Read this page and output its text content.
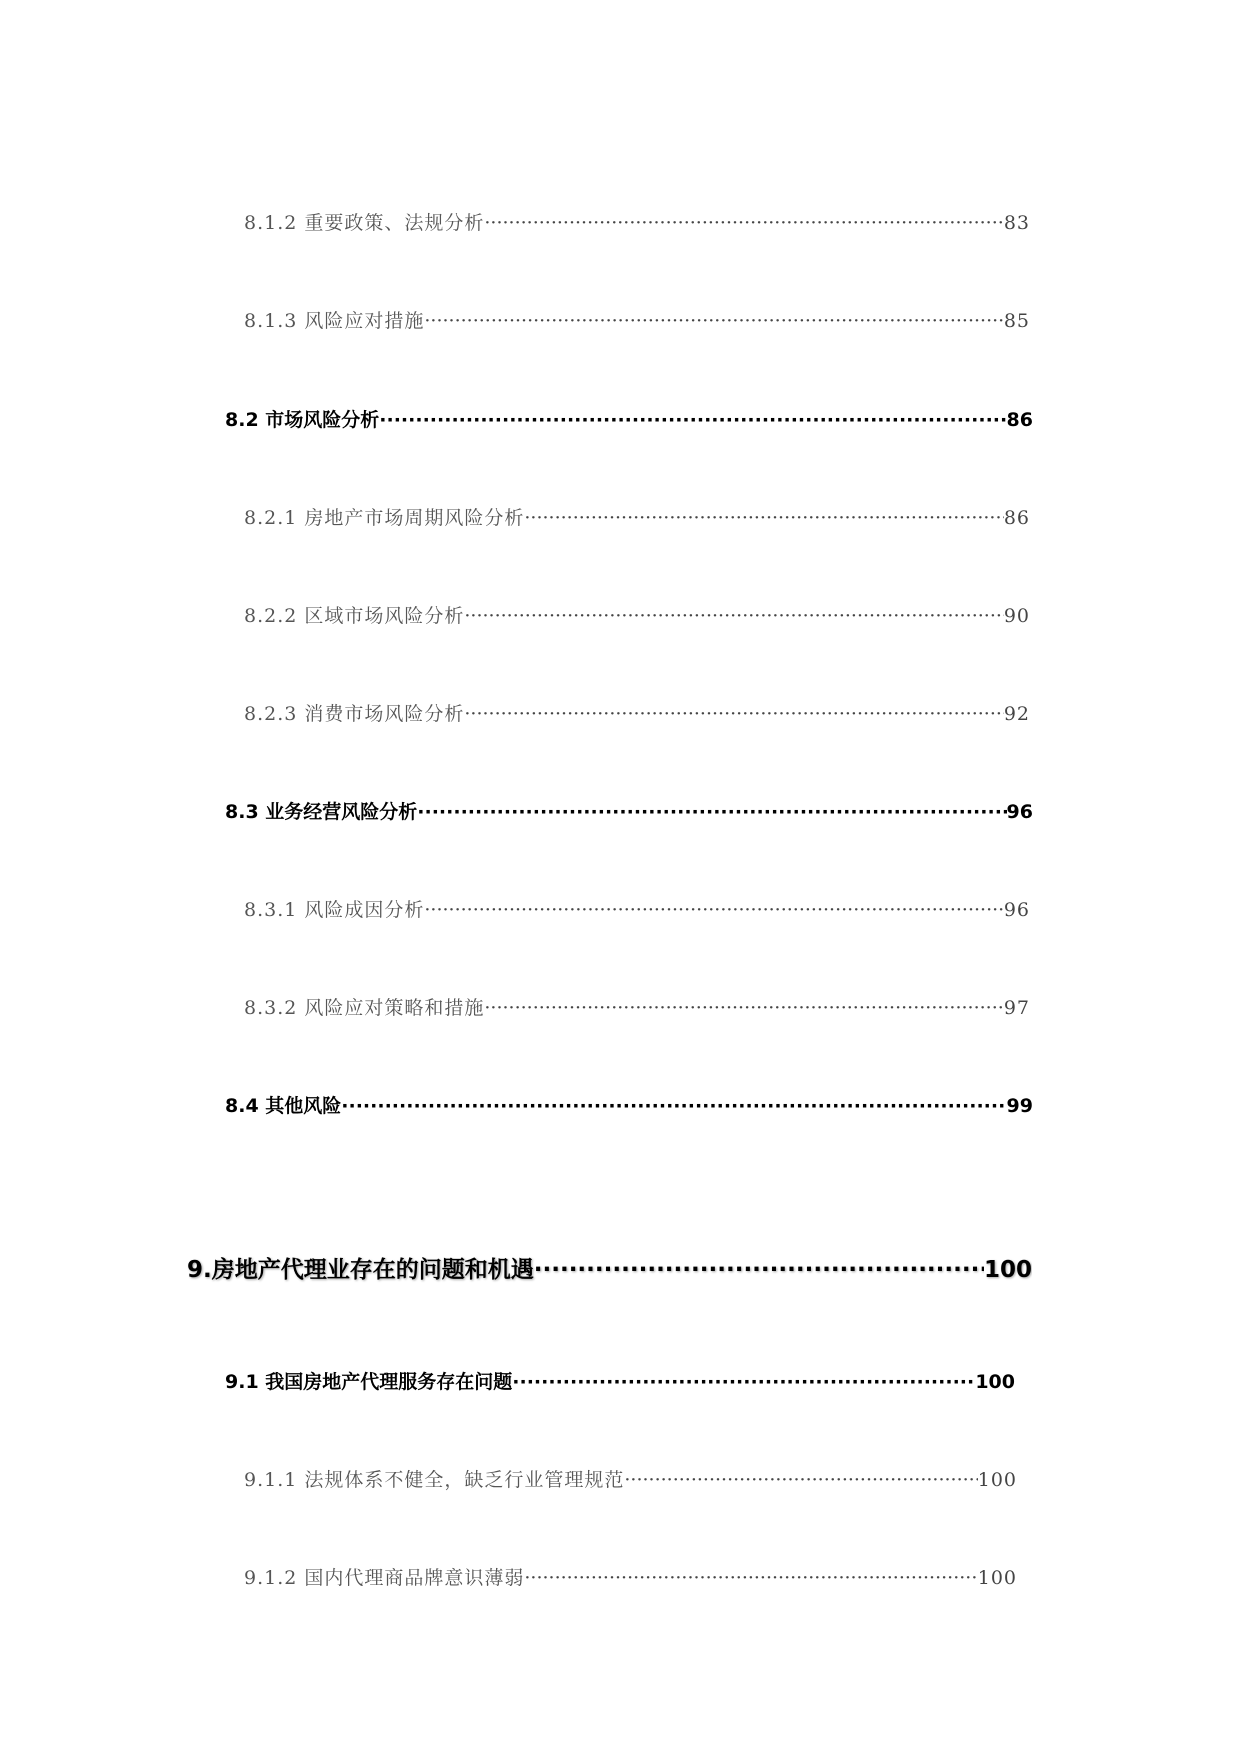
8.1.2 重要政策、法规分析 ·····	83
8.1.3 风险应对措施 ·····	85
8.2 市场风险分析 ·····	86
8.2.1 房地产市场周期风险分析 ·····	86
8.2.2 区域市场风险分析 ·····	90
8.2.3 消费市场风险分析 ·····	92
8.3 业务经营风险分析 ·····	96
8.3.1 风险成因分析 ·····	96
8.3.2 风险应对策略和措施 ·····	97
8.4 其他风险 ·····	99
9.房地产代理业存在的问题和机遇 ·····	100
9.1 我国房地产代理服务存在问题 ·····	100
9.1.1 法规体系不健全，缺乏行业管理规范 ·····	100
9.1.2 国内代理商品牌意识薄弱 ·····	100
